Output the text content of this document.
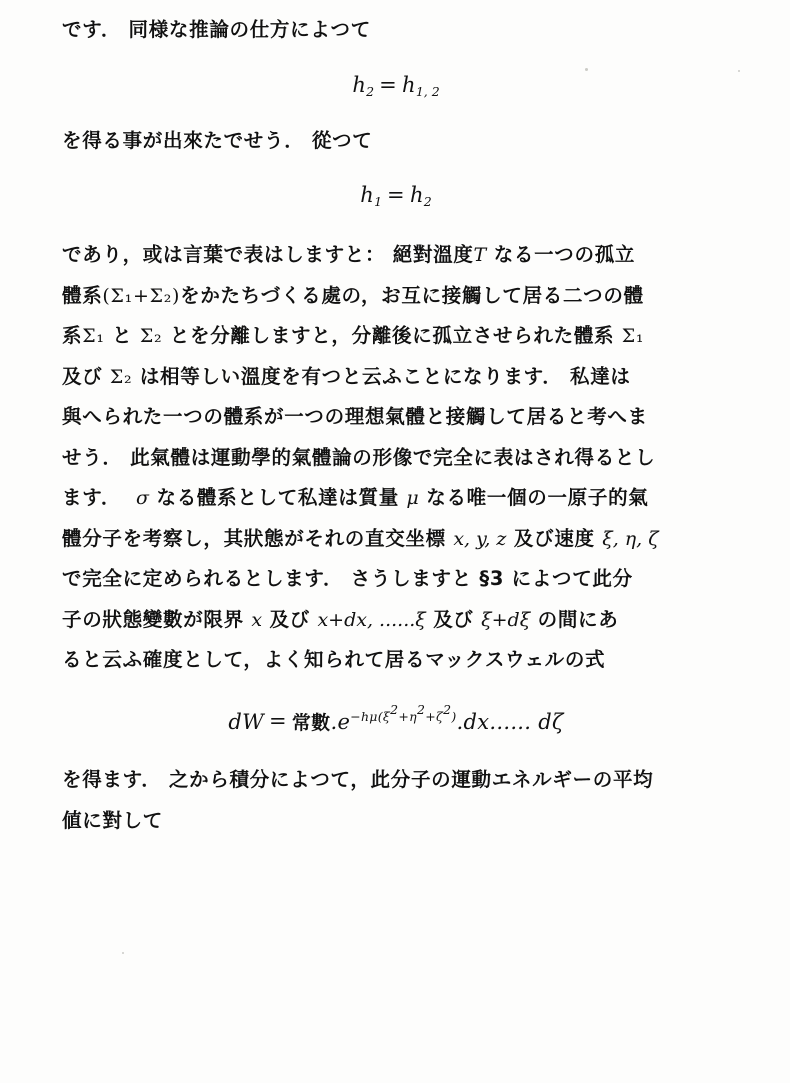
です． 同様な推論の仕方によつて

$h_2 = h_{1, 2}$

を得る事が出來たでせう． 從つて

$h_1 = h_2$
であり，或は言葉で表はしますと： 絕對溫度T なる一つの孤立
體系(Σ₁+Σ₂)をかたちづくる處の，お互に接觸して居る二つの體
系Σ₁ と Σ₂ とを分離しますと，分離後に孤立させられた體系 Σ₁
及び Σ₂ は相等しい溫度を有つと云ふことになります． 私達は
與へられた一つの體系が一つの理想氣體と接觸して居ると考へま
せう． 此氣體は運動學的氣體論の形像で完全に表はされ得るとし
ます． σ なる體系として私達は質量 μ なる唯一個の一原子的氣
體分子を考察し，其狀態がそれの直交坐標 x, y, z 及び速度 ξ, η, ζ
で完全に定められるとします． さうしますと §3 によつて此分
子の狀態變數が限界 x 及び x+dx, ......ξ 及び ξ+dξ の間にあ
ると云ふ確度として，よく知られて居るマックスウェルの式
dW = 常數$.e^{-h\mu(\xi 2+\eta 2+\zeta 2)}.dx$...... dζ
を得ます． 之から積分によつて，此分子の運動エネルギーの平均
値に對して
